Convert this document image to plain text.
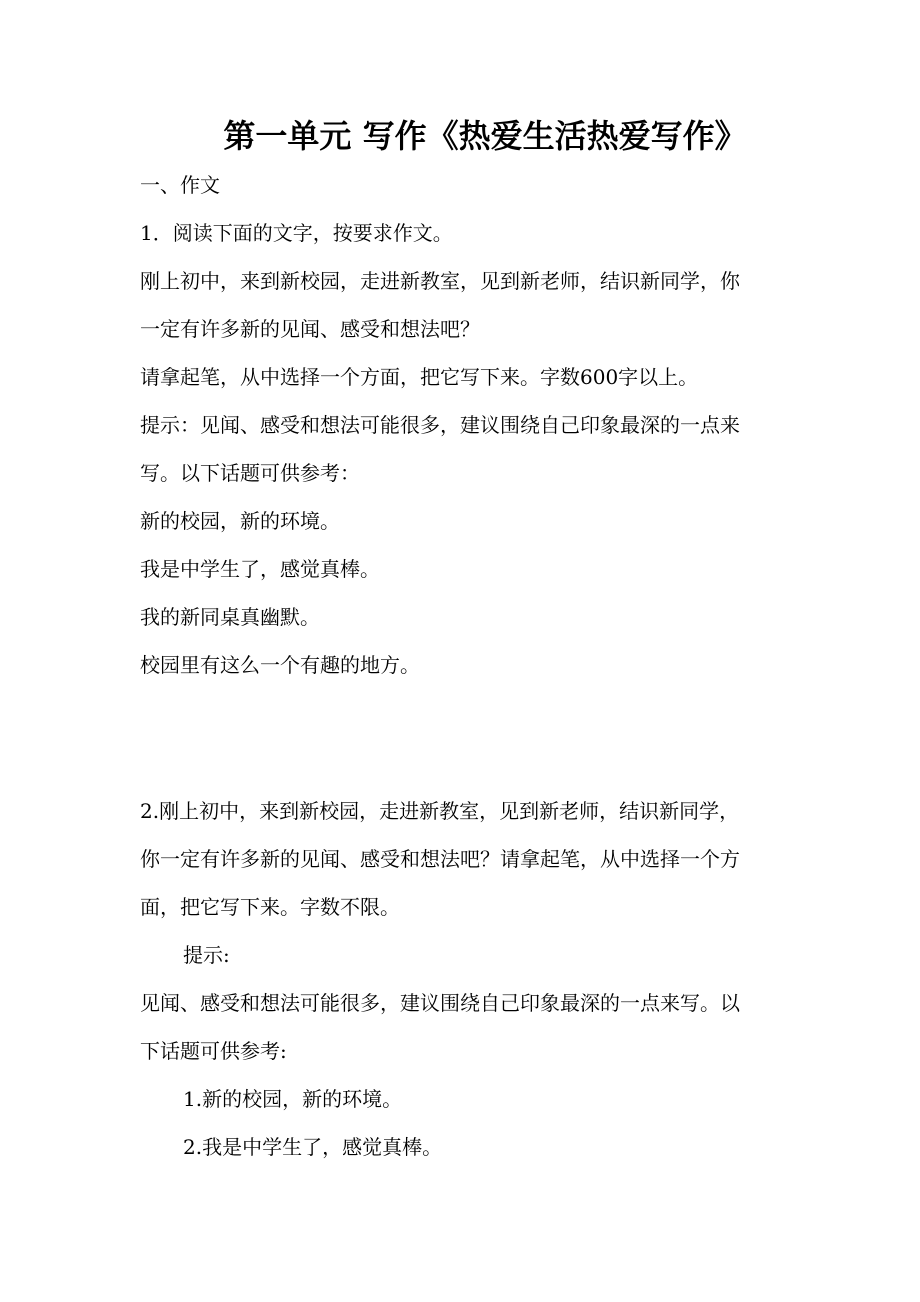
第一单元 写作《热爱生活热爱写作》
一、作文
1．阅读下面的文字，按要求作文。
刚上初中，来到新校园，走进新教室，见到新老师，结识新同学，你
一定有许多新的见闻、感受和想法吧？
请拿起笔，从中选择一个方面，把它写下来。字数600字以上。
提示：见闻、感受和想法可能很多，建议围绕自己印象最深的一点来
写。以下话题可供参考：
新的校园，新的环境。
我是中学生了，感觉真棒。
我的新同桌真幽默。
校园里有这么一个有趣的地方。
2.刚上初中，来到新校园，走进新教室，见到新老师，结识新同学，
你一定有许多新的见闻、感受和想法吧？请拿起笔，从中选择一个方
面，把它写下来。字数不限。
提示:
见闻、感受和想法可能很多，建议围绕自己印象最深的一点来写。以
下话题可供参考:
1.新的校园，新的环境。
2.我是中学生了，感觉真棒。
